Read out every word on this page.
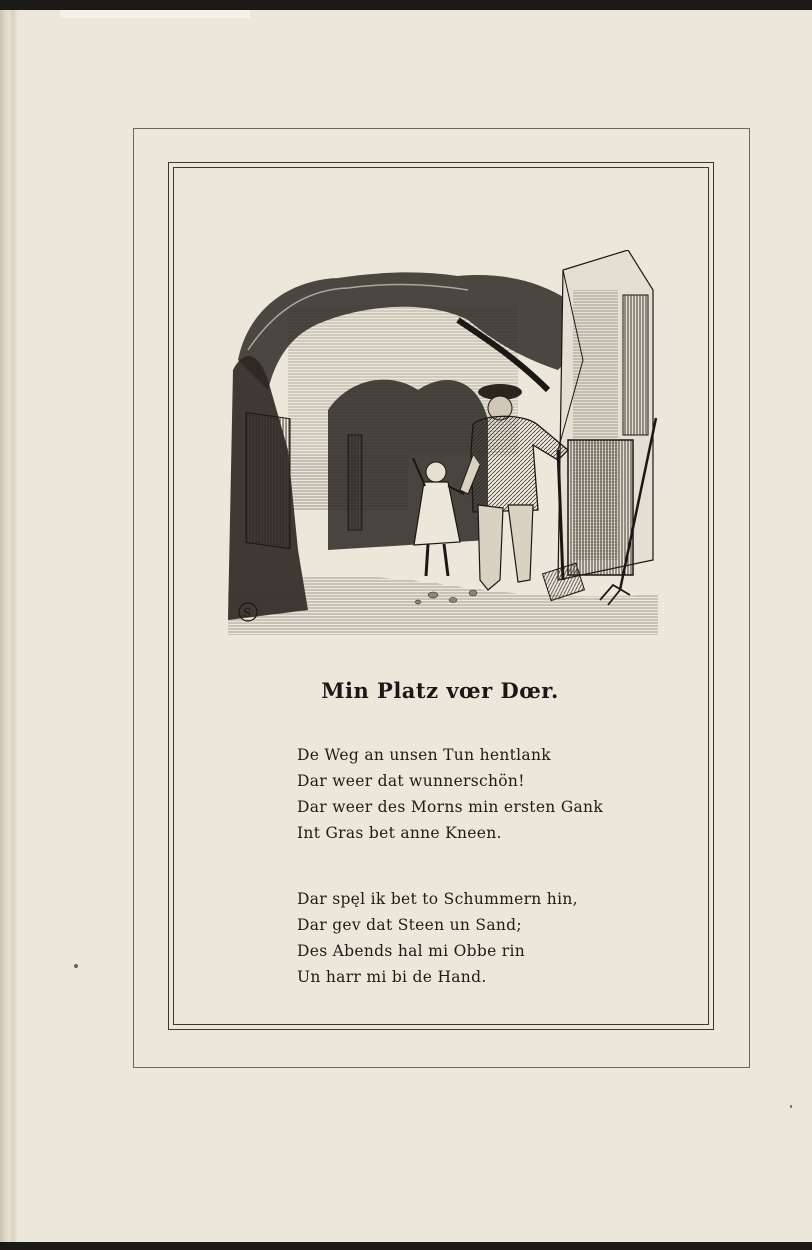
S
Min Platz vœr Dœr.
De Weg an unsen Tun hentlank
Dar weer dat wunnerschön!
Dar weer des Morns min ersten Gank
Int Gras bet anne Kneen.
Dar spęl ik bet to Schummern hin,
Dar gev dat Steen un Sand;
Des Abends hal mi Obbe rin
Un harr mi bi de Hand.
